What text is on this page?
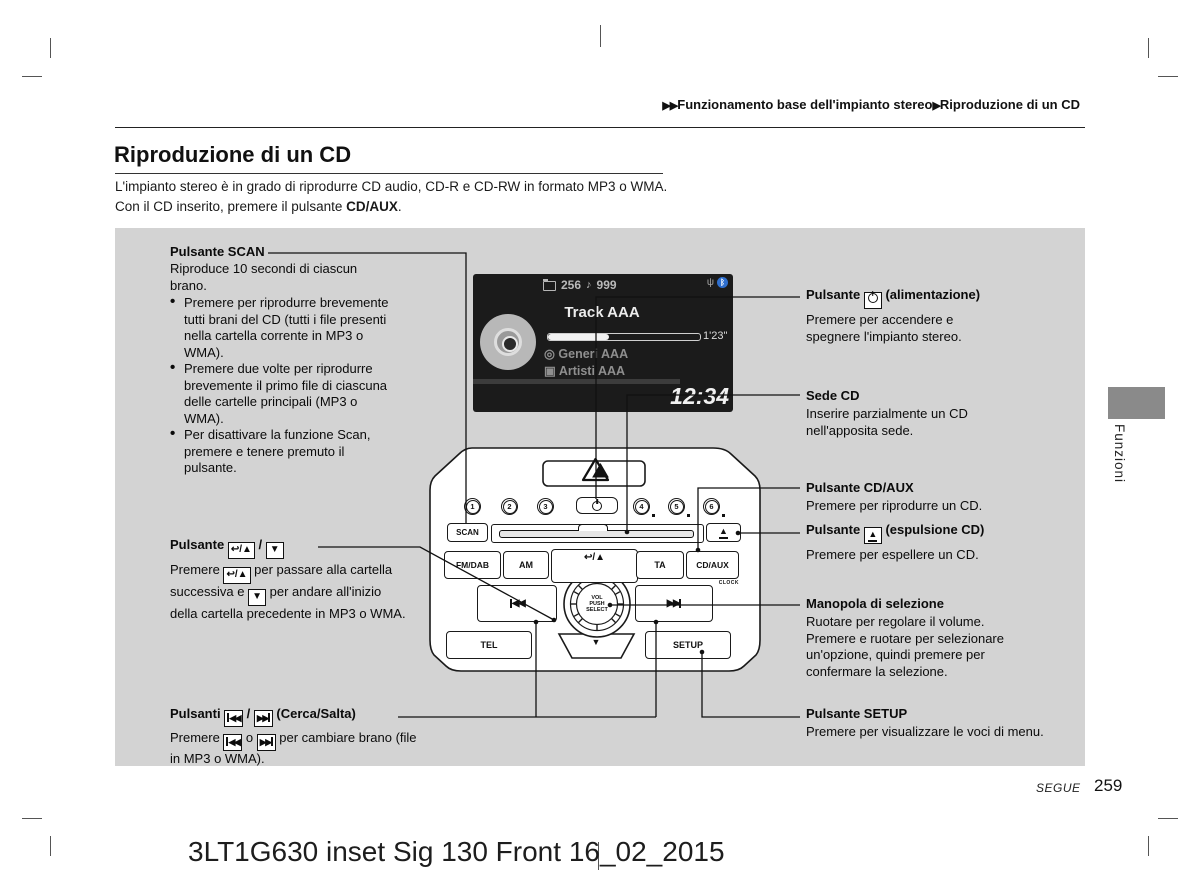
▶▶Funzionamento base dell'impianto stereo▶Riproduzione di un CD
Riproduzione di un CD
L'impianto stereo è in grado di riprodurre CD audio, CD-R e CD-RW in formato MP3 o WMA.
Con il CD inserito, premere il pulsante CD/AUX.
Pulsante SCAN
Riproduce 10 secondi di ciascun brano.
• Premere per riprodurre brevemente tutti brani del CD (tutti i file presenti nella cartella corrente in MP3 o WMA).
• Premere due volte per riprodurre brevemente il primo file di ciascuna delle cartelle principali (MP3 o WMA).
• Per disattivare la funzione Scan, premere e tenere premuto il pulsante.
Pulsante ↩/▲ / ▼
Premere ↩/▲ per passare alla cartella successiva e ▼ per andare all'inizio della cartella precedente in MP3 o WMA.
Pulsanti ◀◀ / ▶▶ (Cerca/Salta)
Premere ◀◀ o ▶▶ per cambiare brano (file in MP3 o WMA).
Pulsante (alimentazione)
Premere per accendere e
spegnere l'impianto stereo.
Sede CD
Inserire parzialmente un CD
nell'apposita sede.
Pulsante CD/AUX
Premere per riprodurre un CD.
Pulsante ▲ (espulsione CD)
Premere per espellere un CD.
Manopola di selezione
Ruotare per regolare il volume.
Premere e ruotare per selezionare un'opzione, quindi premere per confermare la selezione.
Pulsante SETUP
Premere per visualizzare le voci di menu.
256 ♪ 999	ψ ᛒ
Track AAA
1'23"
◎ Generi AAA
▣ Artisti AAA
12:34
1	2	3	4	5	6
SCAN	▲
FM/DAB	AM
↩/▲
TA	CD/AUX
CLOCK
◀◀	▶▶
VOL
PUSH
SELECT
TEL	▼	SETUP
Funzioni
SEGUE 259
3LT1G630 inset Sig 130 Front 16_02_2015
